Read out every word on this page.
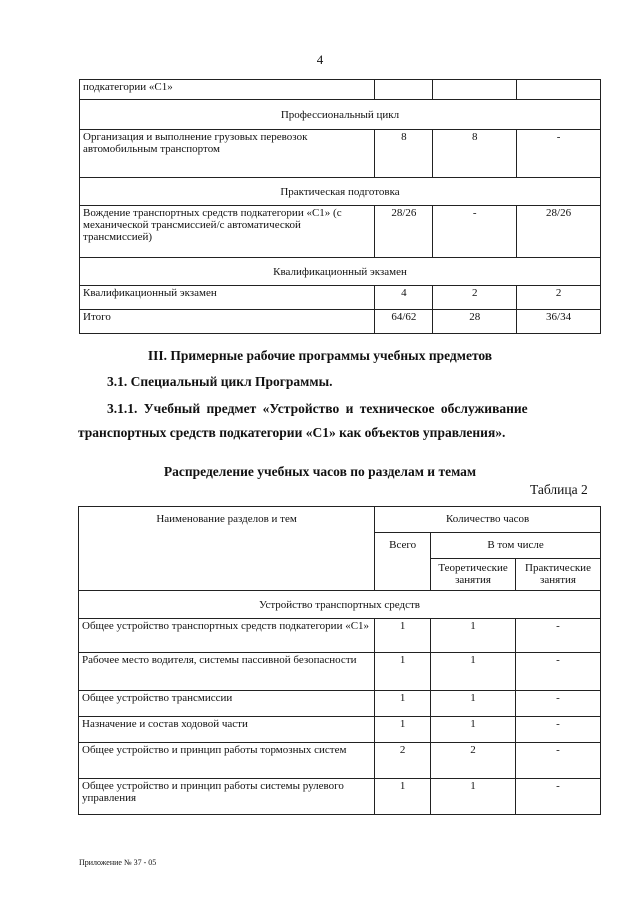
4
подкатегории «С1»			
Профессиональный цикл			
Организация и выполнение грузовых перевозок автомобильным транспортом	8	8	-
Практическая подготовка			
Вождение транспортных средств подкатегории «С1» (с механической трансмиссией/с автоматической трансмиссией)	28/26	-	28/26
Квалификационный экзамен			
Квалификационный экзамен	4	2	2
Итого	64/62	28	36/34
III. Примерные рабочие программы учебных предметов
3.1. Специальный цикл Программы.
3.1.1. Учебный предмет «Устройство и техническое обслуживание
транспортных средств подкатегории «С1» как объектов управления».
Распределение учебных часов по разделам и темам
Таблица 2
Наименование разделов и тем	Количество часов		
	Всего	В том числе	
		Теоретические занятия	Практические занятия
Устройство транспортных средств			
Общее устройство транспортных средств подкатегории «С1»	1	1	-
Рабочее место водителя, системы пассивной безопасности	1	1	-
Общее устройство трансмиссии	1	1	-
Назначение и состав ходовой части	1	1	-
Общее устройство и принцип работы тормозных систем	2	2	-
Общее устройство и принцип работы системы рулевого управления	1	1	-
Приложение № 37 - 05
